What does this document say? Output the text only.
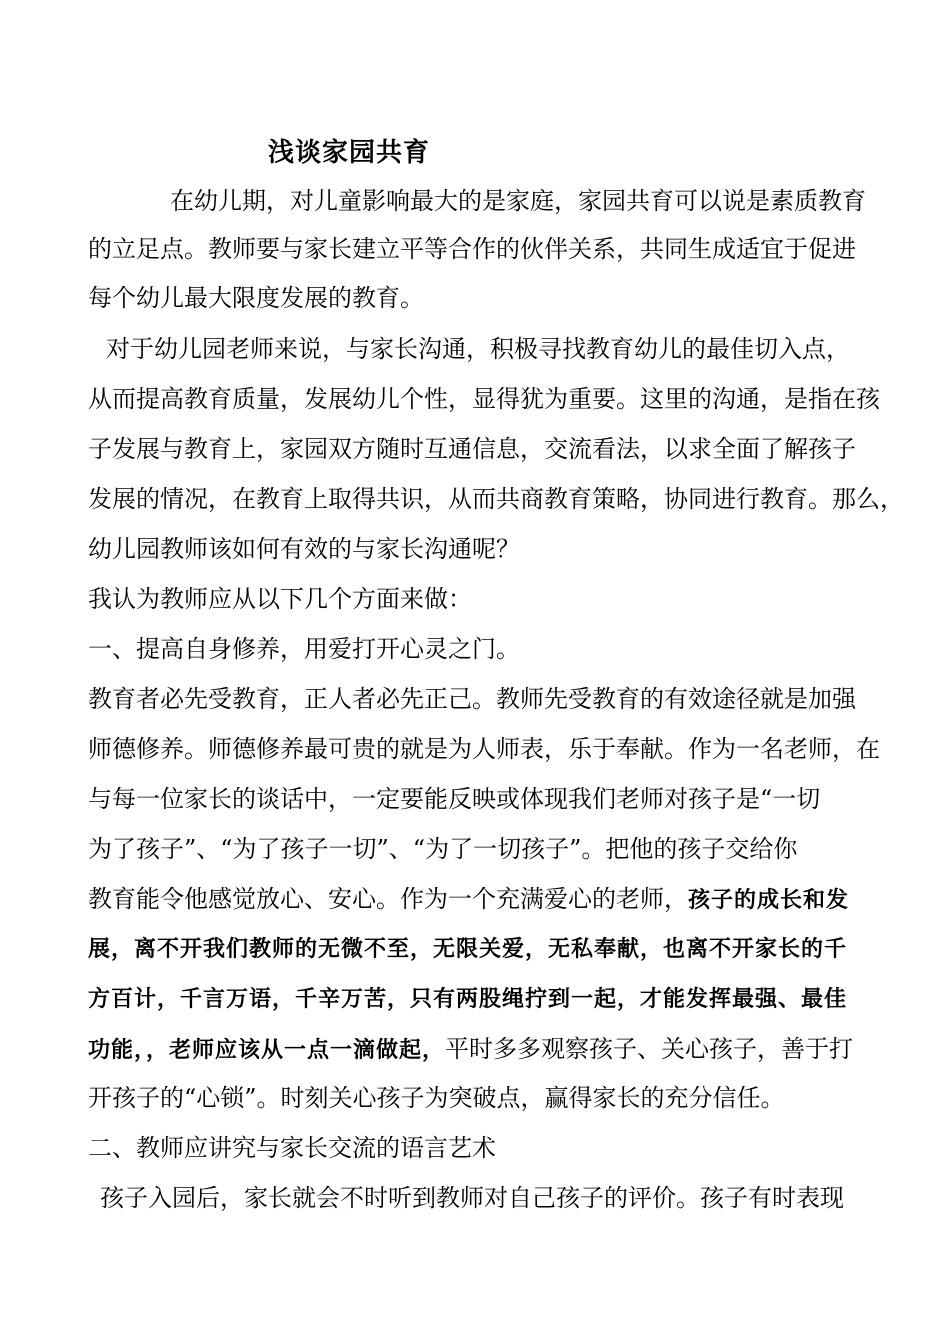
浅谈家园共育
在幼儿期，对儿童影响最大的是家庭，家园共育可以说是素质教育
的立足点。教师要与家长建立平等合作的伙伴关系，共同生成适宜于促进
每个幼儿最大限度发展的教育。
对于幼儿园老师来说，与家长沟通，积极寻找教育幼儿的最佳切入点，
从而提高教育质量，发展幼儿个性，显得犹为重要。这里的沟通，是指在孩
子发展与教育上，家园双方随时互通信息，交流看法，以求全面了解孩子
发展的情况，在教育上取得共识，从而共商教育策略，协同进行教育。那么，
幼儿园教师该如何有效的与家长沟通呢？
我认为教师应从以下几个方面来做：
一、提高自身修养，用爱打开心灵之门。
教育者必先受教育，正人者必先正己。教师先受教育的有效途径就是加强
师德修养。师德修养最可贵的就是为人师表，乐于奉献。作为一名老师，在
与每一位家长的谈话中，一定要能反映或体现我们老师对孩子是“一切
为了孩子”、“为了孩子一切”、“为了一切孩子”。把他的孩子交给你
教育能令他感觉放心、安心。作为一个充满爱心的老师，孩子的成长和发
展，离不开我们教师的无微不至，无限关爱，无私奉献，也离不开家长的千
方百计，千言万语，千辛万苦，只有两股绳拧到一起，才能发挥最强、最佳
功能，，老师应该从一点一滴做起，平时多多观察孩子、关心孩子，善于打
开孩子的“心锁”。时刻关心孩子为突破点，赢得家长的充分信任。
二、教师应讲究与家长交流的语言艺术
孩子入园后，家长就会不时听到教师对自己孩子的评价。孩子有时表现
